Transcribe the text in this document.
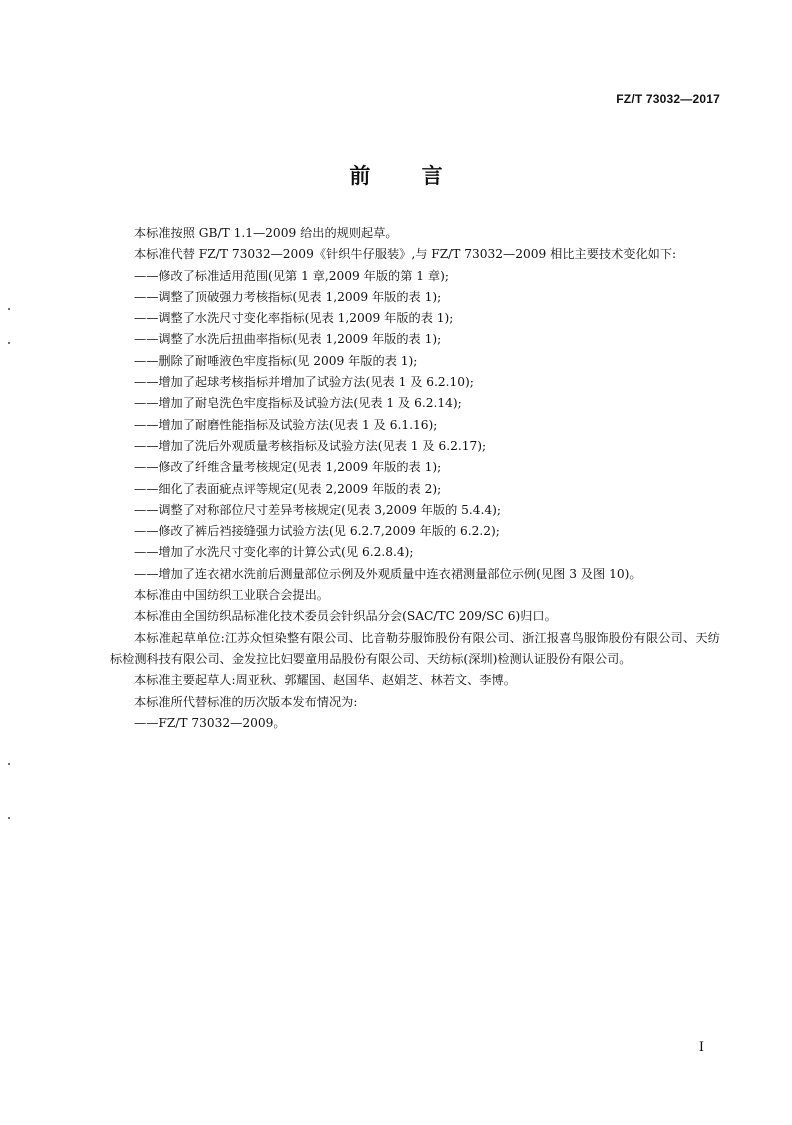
FZ/T 73032—2017
前 言

本标准按照 GB/T 1.1—2009 给出的规则起草。

本标准代替 FZ/T 73032—2009《针织牛仔服装》,与 FZ/T 73032—2009 相比主要技术变化如下:

——修改了标准适用范围(见第 1 章,2009 年版的第 1 章);

——调整了顶破强力考核指标(见表 1,2009 年版的表 1);

——调整了水洗尺寸变化率指标(见表 1,2009 年版的表 1);

——调整了水洗后扭曲率指标(见表 1,2009 年版的表 1);

——删除了耐唾液色牢度指标(见 2009 年版的表 1);

——增加了起球考核指标并增加了试验方法(见表 1 及 6.2.10);

——增加了耐皂洗色牢度指标及试验方法(见表 1 及 6.2.14);

——增加了耐磨性能指标及试验方法(见表 1 及 6.1.16);

——增加了洗后外观质量考核指标及试验方法(见表 1 及 6.2.17);

——修改了纤维含量考核规定(见表 1,2009 年版的表 1);

——细化了表面疵点评等规定(见表 2,2009 年版的表 2);

——调整了对称部位尺寸差异考核规定(见表 3,2009 年版的 5.4.4);

——修改了裤后裆接缝强力试验方法(见 6.2.7,2009 年版的 6.2.2);

——增加了水洗尺寸变化率的计算公式(见 6.2.8.4);

——增加了连衣裙水洗前后测量部位示例及外观质量中连衣裙测量部位示例(见图 3 及图 10)。

本标准由中国纺织工业联合会提出。

本标准由全国纺织品标准化技术委员会针织品分会(SAC/TC 209/SC 6)归口。

本标准起草单位:江苏众恒染整有限公司、比音勒芬服饰股份有限公司、浙江报喜鸟服饰股份有限公司、天纺标检测科技有限公司、金发拉比妇婴童用品股份有限公司、天纺标(深圳)检测认证股份有限公司。

本标准主要起草人:周亚秋、郭耀国、赵国华、赵娟芝、林若文、李博。

本标准所代替标准的历次版本发布情况为:

——FZ/T 73032—2009。

I
